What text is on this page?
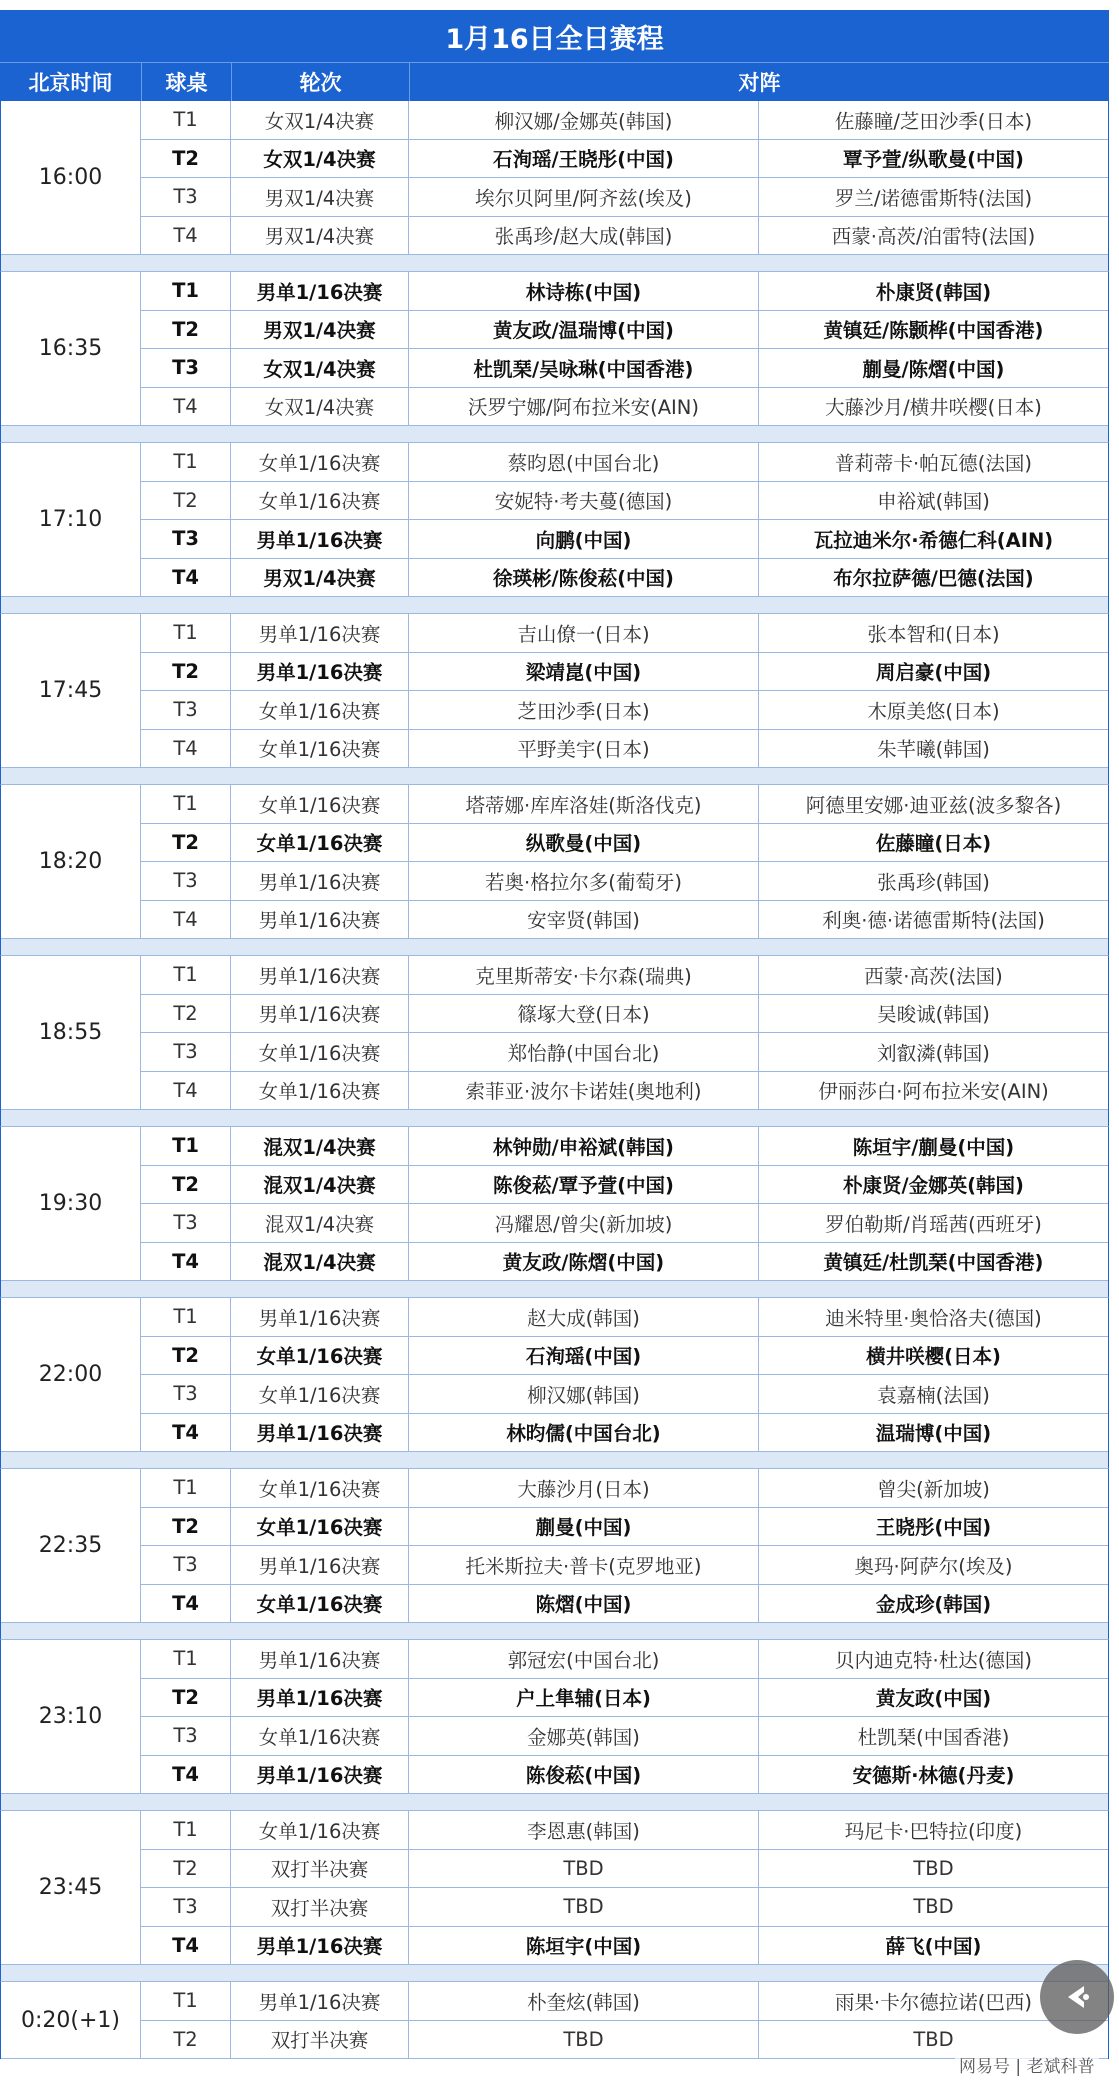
1月16日全日赛程
北京时间	球桌	轮次	对阵
16:00
T1	女双1/4决赛	柳汉娜/金娜英(韩国)	佐藤瞳/芝田沙季(日本)
T2	女双1/4决赛	石洵瑶/王晓彤(中国)	覃予萱/纵歌曼(中国)
T3	男双1/4决赛	埃尔贝阿里/阿齐兹(埃及)	罗兰/诺德雷斯特(法国)
T4	男双1/4决赛	张禹珍/赵大成(韩国)	西蒙·高茨/泊雷特(法国)
16:35
T1	男单1/16决赛	林诗栋(中国)	朴康贤(韩国)
T2	男双1/4决赛	黄友政/温瑞博(中国)	黄镇廷/陈颢桦(中国香港)
T3	女双1/4决赛	杜凯琹/吴咏琳(中国香港)	蒯曼/陈熠(中国)
T4	女双1/4决赛	沃罗宁娜/阿布拉米安(AIN)	大藤沙月/横井咲樱(日本)
17:10
T1	女单1/16决赛	蔡昀恩(中国台北)	普莉蒂卡·帕瓦德(法国)
T2	女单1/16决赛	安妮特·考夫蔓(德国)	申裕斌(韩国)
T3	男单1/16决赛	向鹏(中国)	瓦拉迪米尔·希德仁科(AIN)
T4	男双1/4决赛	徐瑛彬/陈俊菘(中国)	布尔拉萨德/巴德(法国)
17:45
T1	男单1/16决赛	吉山僚一(日本)	张本智和(日本)
T2	男单1/16决赛	梁靖崑(中国)	周启豪(中国)
T3	女单1/16决赛	芝田沙季(日本)	木原美悠(日本)
T4	女单1/16决赛	平野美宇(日本)	朱芊曦(韩国)
18:20
T1	女单1/16决赛	塔蒂娜·库库洛娃(斯洛伐克)	阿德里安娜·迪亚兹(波多黎各)
T2	女单1/16决赛	纵歌曼(中国)	佐藤瞳(日本)
T3	男单1/16决赛	若奥·格拉尔多(葡萄牙)	张禹珍(韩国)
T4	男单1/16决赛	安宰贤(韩国)	利奥·德·诺德雷斯特(法国)
18:55
T1	男单1/16决赛	克里斯蒂安·卡尔森(瑞典)	西蒙·高茨(法国)
T2	男单1/16决赛	篠塚大登(日本)	吴晙诚(韩国)
T3	女单1/16决赛	郑怡静(中国台北)	刘叡潾(韩国)
T4	女单1/16决赛	索菲亚·波尔卡诺娃(奥地利)	伊丽莎白·阿布拉米安(AIN)
19:30
T1	混双1/4决赛	林钟勋/申裕斌(韩国)	陈垣宇/蒯曼(中国)
T2	混双1/4决赛	陈俊菘/覃予萱(中国)	朴康贤/金娜英(韩国)
T3	混双1/4决赛	冯耀恩/曾尖(新加坡)	罗伯勒斯/肖瑶茜(西班牙)
T4	混双1/4决赛	黄友政/陈熠(中国)	黄镇廷/杜凯琹(中国香港)
22:00
T1	男单1/16决赛	赵大成(韩国)	迪米特里·奥恰洛夫(德国)
T2	女单1/16决赛	石洵瑶(中国)	横井咲樱(日本)
T3	女单1/16决赛	柳汉娜(韩国)	袁嘉楠(法国)
T4	男单1/16决赛	林昀儒(中国台北)	温瑞博(中国)
22:35
T1	女单1/16决赛	大藤沙月(日本)	曾尖(新加坡)
T2	女单1/16决赛	蒯曼(中国)	王晓彤(中国)
T3	男单1/16决赛	托米斯拉夫·普卡(克罗地亚)	奥玛·阿萨尔(埃及)
T4	女单1/16决赛	陈熠(中国)	金成珍(韩国)
23:10
T1	男单1/16决赛	郭冠宏(中国台北)	贝内迪克特·杜达(德国)
T2	男单1/16决赛	户上隼辅(日本)	黄友政(中国)
T3	女单1/16决赛	金娜英(韩国)	杜凯琹(中国香港)
T4	男单1/16决赛	陈俊菘(中国)	安德斯·林德(丹麦)
23:45
T1	女单1/16决赛	李恩惠(韩国)	玛尼卡·巴特拉(印度)
T2	双打半决赛	TBD	TBD
T3	双打半决赛	TBD	TBD
T4	男单1/16决赛	陈垣宇(中国)	薛飞(中国)
0:20(+1)
T1	男单1/16决赛	朴奎炫(韩国)	雨果·卡尔德拉诺(巴西)
T2	双打半决赛	TBD	TBD
网易号 | 老斌科普
